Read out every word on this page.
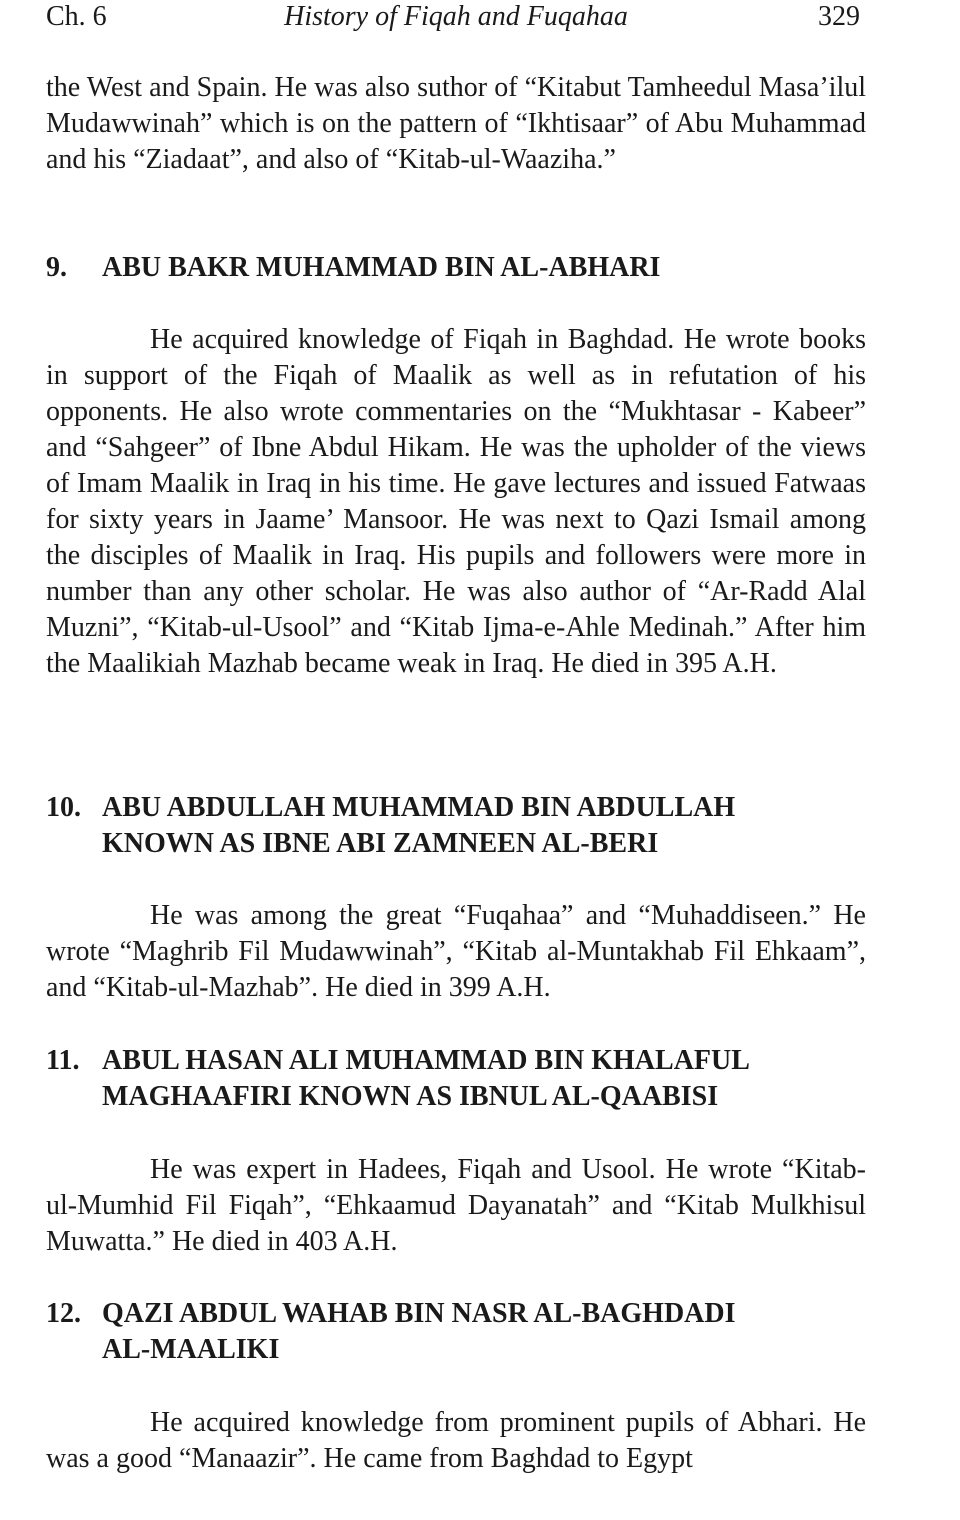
Ch. 6	History of Fiqah and Fuqahaa	329

the West and Spain. He was also suthor of “Kitabut Tamheedul Masa’ilul Mudawwinah” which is on the pattern of “Ikhtisaar” of Abu Muhammad and his “Ziadaat”, and also of “Kitab-ul-Waaziha.”

9. ABU BAKR MUHAMMAD BIN AL-ABHARI

He acquired knowledge of Fiqah in Baghdad. He wrote books in support of the Fiqah of Maalik as well as in refutation of his opponents. He also wrote commentaries on the “Mukhtasar - Kabeer” and “Sahgeer” of Ibne Abdul Hikam. He was the upholder of the views of Imam Maalik in Iraq in his time. He gave lectures and issued Fatwaas for sixty years in Jaame’ Mansoor. He was next to Qazi Ismail among the disciples of Maalik in Iraq. His pupils and followers were more in number than any other scholar. He was also author of “Ar-Radd Alal Muzni”, “Kitab-ul-Usool” and “Kitab Ijma-e-Ahle Medinah.” After him the Maalikiah Mazhab became weak in Iraq. He died in 395 A.H.

10. ABU ABDULLAH MUHAMMAD BIN ABDULLAH
KNOWN AS IBNE ABI ZAMNEEN AL-BERI

He was among the great “Fuqahaa” and “Muhaddiseen.” He wrote “Maghrib Fil Mudawwinah”, “Kitab al-Muntakhab Fil Ehkaam”, and “Kitab-ul-Mazhab”. He died in 399 A.H.

11. ABUL HASAN ALI MUHAMMAD BIN KHALAFUL
MAGHAAFIRI KNOWN AS IBNUL AL-QAABISI

He was expert in Hadees, Fiqah and Usool. He wrote “Kitab-ul-Mumhid Fil Fiqah”, “Ehkaamud Dayanatah” and “Kitab Mulkhisul Muwatta.” He died in 403 A.H.

12. QAZI ABDUL WAHAB BIN NASR AL-BAGHDADI
AL-MAALIKI

He acquired knowledge from prominent pupils of Abhari. He was a good “Manaazir”. He came from Baghdad to Egypt
